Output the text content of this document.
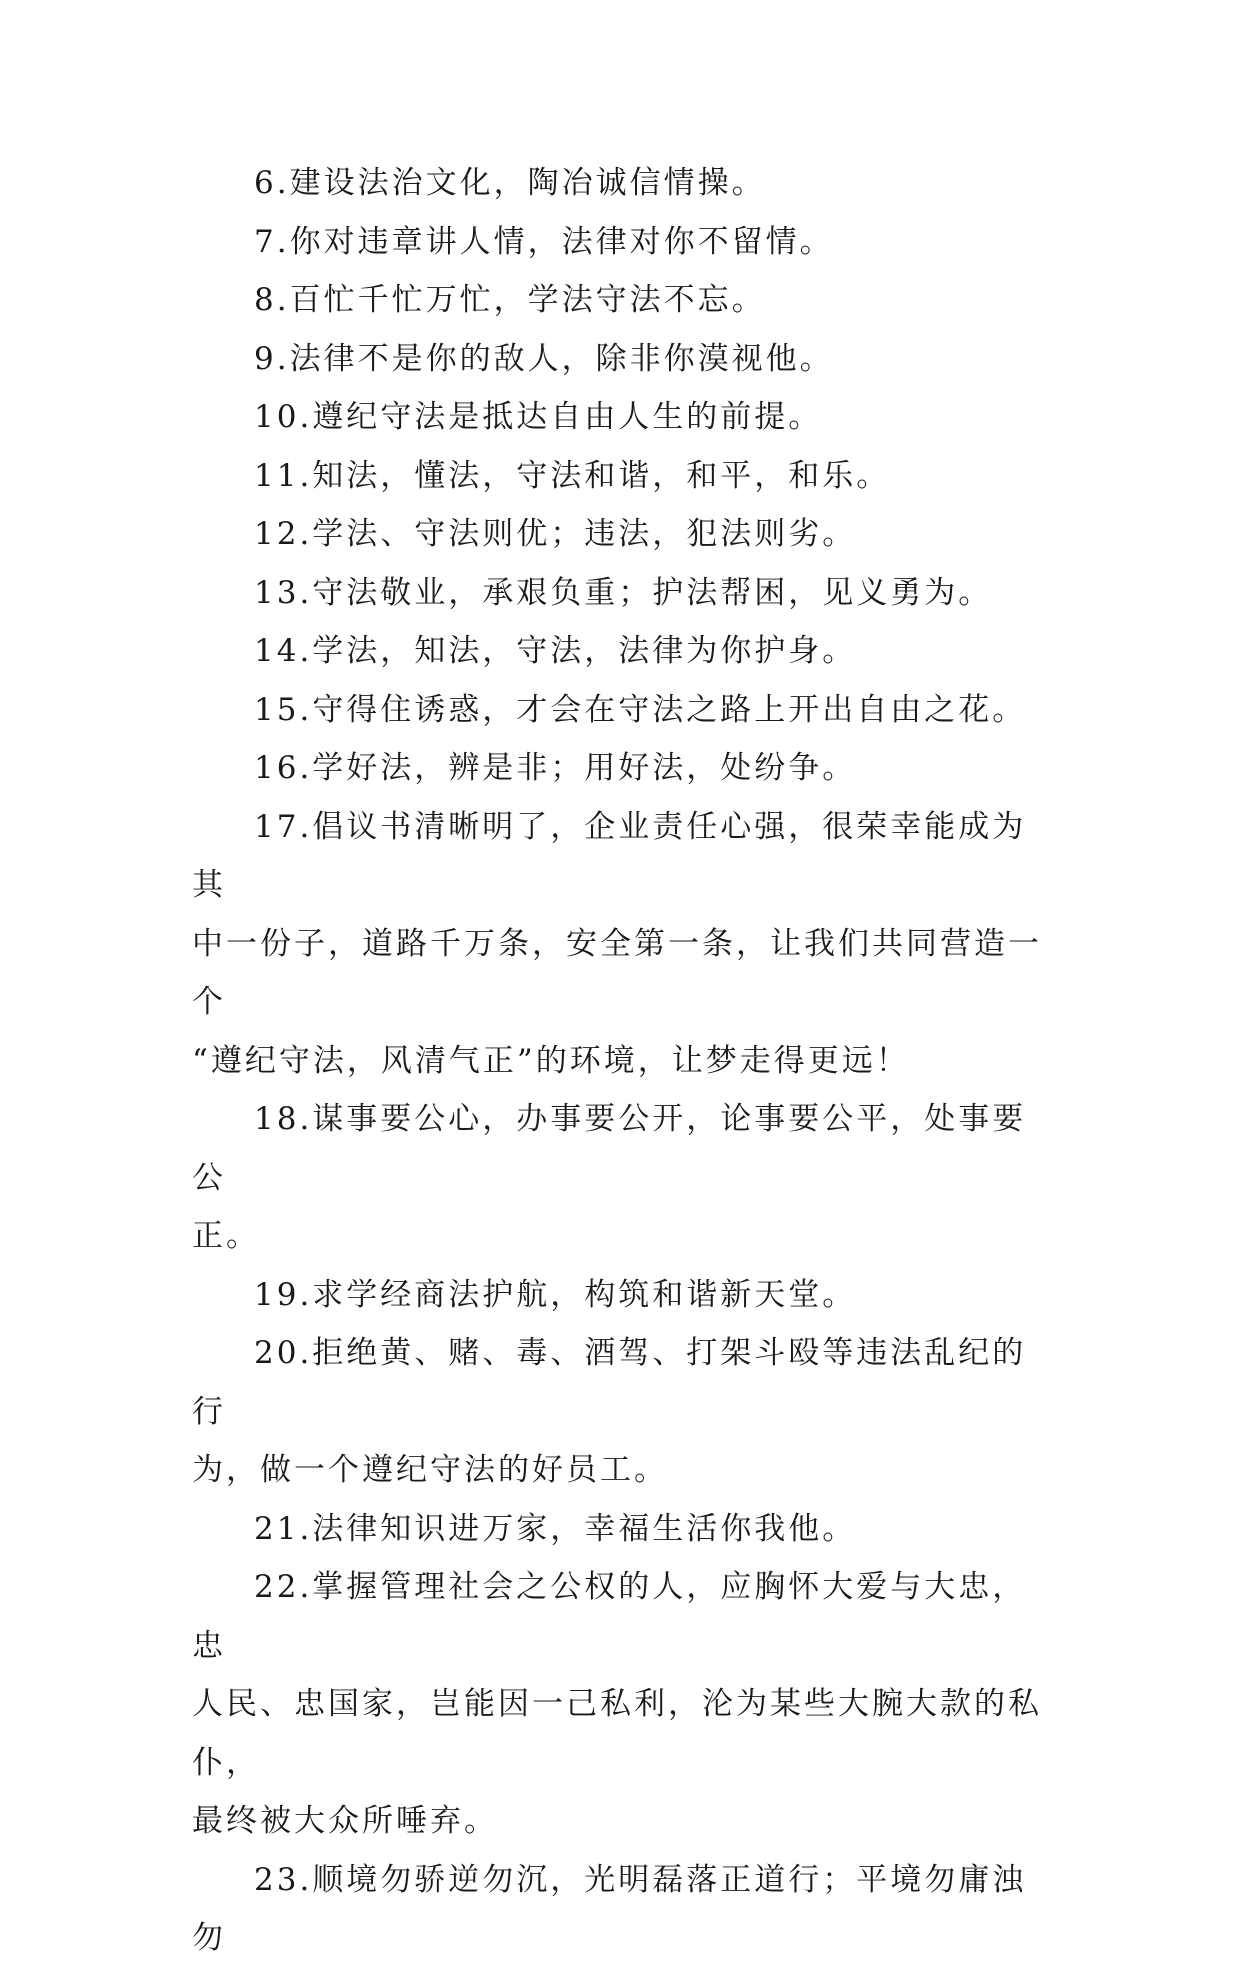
6.建设法治文化，陶冶诚信情操。
7.你对违章讲人情，法律对你不留情。
8.百忙千忙万忙，学法守法不忘。
9.法律不是你的敌人，除非你漠视他。
10.遵纪守法是抵达自由人生的前提。
11.知法，懂法，守法和谐，和平，和乐。
12.学法、守法则优；违法，犯法则劣。
13.守法敬业，承艰负重；护法帮困，见义勇为。
14.学法，知法，守法，法律为你护身。
15.守得住诱惑，才会在守法之路上开出自由之花。
16.学好法，辨是非；用好法，处纷争。
17.倡议书清晰明了，企业责任心强，很荣幸能成为其
中一份子，道路千万条，安全第一条，让我们共同营造一个
“遵纪守法，风清气正”的环境，让梦走得更远！
18.谋事要公心，办事要公开，论事要公平，处事要公
正。
19.求学经商法护航，构筑和谐新天堂。
20.拒绝黄、赌、毒、酒驾、打架斗殴等违法乱纪的行
为，做一个遵纪守法的好员工。
21.法律知识进万家，幸福生活你我他。
22.掌握管理社会之公权的人，应胸怀大爱与大忠，忠
人民、忠国家，岂能因一己私利，沦为某些大腕大款的私仆，
最终被大众所唾弃。
23.顺境勿骄逆勿沉，光明磊落正道行；平境勿庸浊勿
